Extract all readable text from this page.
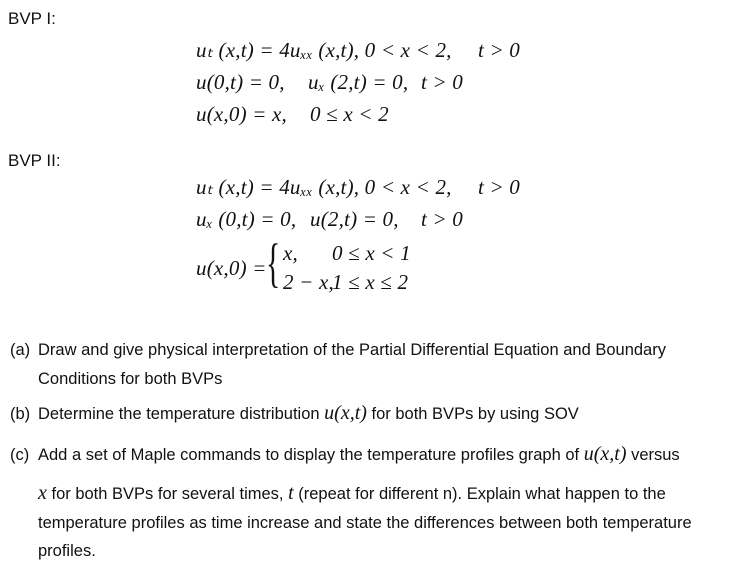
BVP I:
uₜ (x,t) = 4uₓₓ (x,t), 0 < x < 2, t > 0
u(0,t) = 0, uₓ (2,t) = 0, t > 0
u(x,0) = x, 0 ≤ x < 2
BVP II:
uₜ (x,t) = 4uₓₓ (x,t), 0 < x < 2, t > 0
uₓ (0,t) = 0, u(2,t) = 0, t > 0
u(x,0) = { x, 0 ≤ x < 1
2 − x,
1 ≤ x ≤ 2
(a) Draw and give physical interpretation of the Partial Differential Equation and Boundary
Conditions for both BVPs
(b) Determine the temperature distribution u(x,t) for both BVPs by using SOV
(c) Add a set of Maple commands to display the temperature profiles graph of u(x,t) versus
x for both BVPs for several times, t (repeat for different n). Explain what happen to the
temperature profiles as time increase and state the differences between both temperature
profiles.
